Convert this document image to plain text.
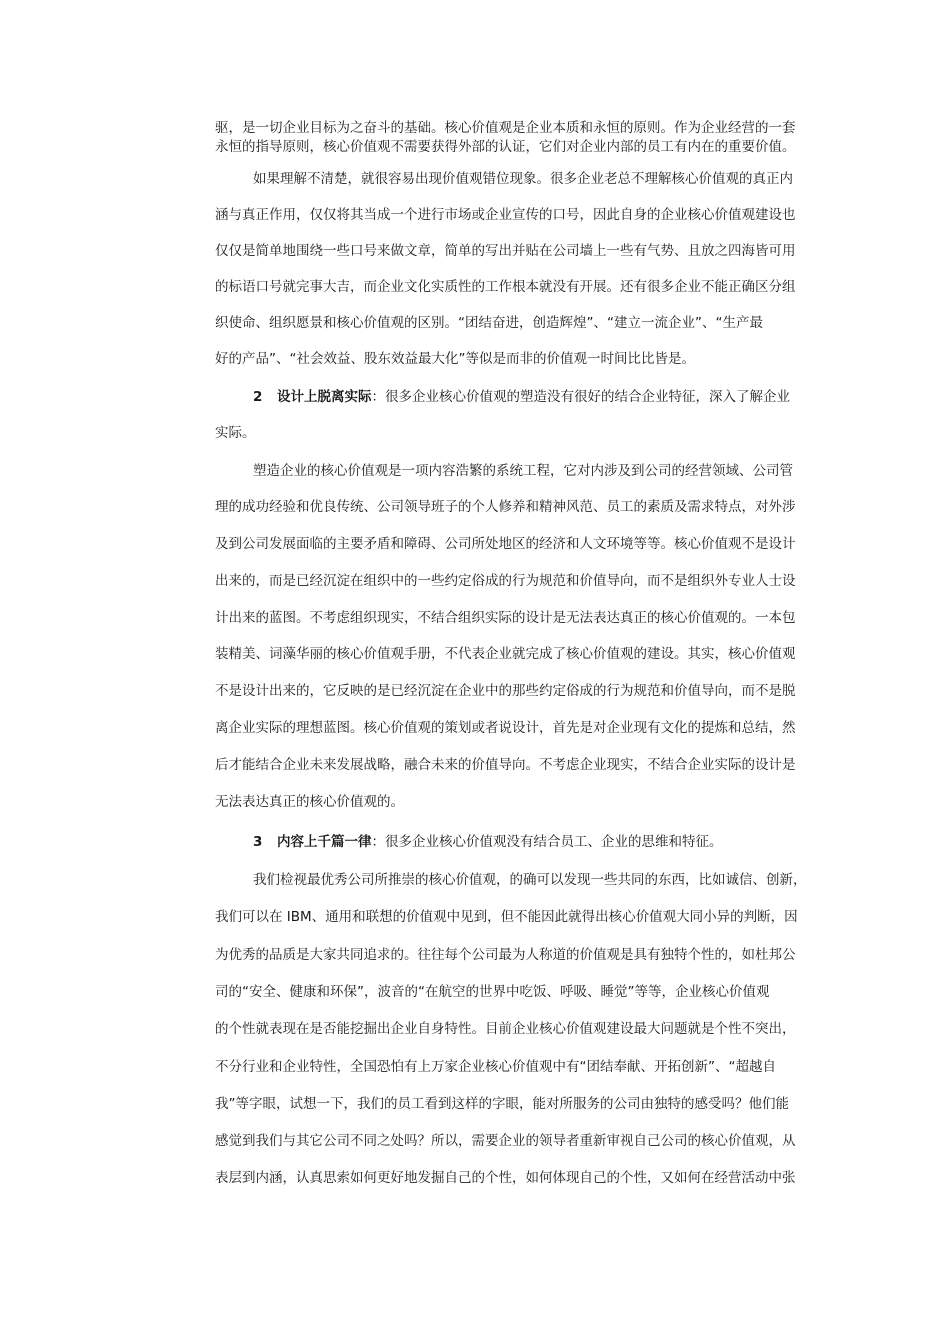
驱，是一切企业目标为之奋斗的基础。核心价值观是企业本质和永恒的原则。作为企业经营的一套

永恒的指导原则，核心价值观不需要获得外部的认证，它们对企业内部的员工有内在的重要价值。

如果理解不清楚，就很容易出现价值观错位现象。很多企业老总不理解核心价值观的真正内

涵与真正作用，仅仅将其当成一个进行市场或企业宣传的口号，因此自身的企业核心价值观建设也

仅仅是简单地围绕一些口号来做文章，简单的写出并贴在公司墙上一些有气势、且放之四海皆可用

的标语口号就完事大吉，而企业文化实质性的工作根本就没有开展。还有很多企业不能正确区分组

织使命、组织愿景和核心价值观的区别。“团结奋进，创造辉煌”、“建立一流企业”、“生产最

好的产品”、“社会效益、股东效益最大化”等似是而非的价值观一时间比比皆是。

2 设计上脱离实际：很多企业核心价值观的塑造没有很好的结合企业特征，深入了解企业

实际。

塑造企业的核心价值观是一项内容浩繁的系统工程，它对内涉及到公司的经营领域、公司管

理的成功经验和优良传统、公司领导班子的个人修养和精神风范、员工的素质及需求特点，对外涉

及到公司发展面临的主要矛盾和障碍、公司所处地区的经济和人文环境等等。核心价值观不是设计

出来的，而是已经沉淀在组织中的一些约定俗成的行为规范和价值导向，而不是组织外专业人士设

计出来的蓝图。不考虑组织现实，不结合组织实际的设计是无法表达真正的核心价值观的。一本包

装精美、词藻华丽的核心价值观手册，不代表企业就完成了核心价值观的建设。其实，核心价值观

不是设计出来的，它反映的是已经沉淀在企业中的那些约定俗成的行为规范和价值导向，而不是脱

离企业实际的理想蓝图。核心价值观的策划或者说设计，首先是对企业现有文化的提炼和总结，然

后才能结合企业未来发展战略，融合未来的价值导向。不考虑企业现实，不结合企业实际的设计是

无法表达真正的核心价值观的。

3 内容上千篇一律：很多企业核心价值观没有结合员工、企业的思维和特征。

我们检视最优秀公司所推崇的核心价值观，的确可以发现一些共同的东西，比如诚信、创新，

我们可以在 IBM、通用和联想的价值观中见到，但不能因此就得出核心价值观大同小异的判断，因

为优秀的品质是大家共同追求的。往往每个公司最为人称道的价值观是具有独特个性的，如杜邦公

司的“安全、健康和环保”，波音的“在航空的世界中吃饭、呼吸、睡觉”等等，企业核心价值观

的个性就表现在是否能挖掘出企业自身特性。目前企业核心价值观建设最大问题就是个性不突出，

不分行业和企业特性，全国恐怕有上万家企业核心价值观中有“团结奉献、开拓创新”、“超越自

我”等字眼，试想一下，我们的员工看到这样的字眼，能对所服务的公司由独特的感受吗？他们能

感觉到我们与其它公司不同之处吗？所以，需要企业的领导者重新审视自己公司的核心价值观，从

表层到内涵，认真思索如何更好地发掘自己的个性，如何体现自己的个性，又如何在经营活动中张
